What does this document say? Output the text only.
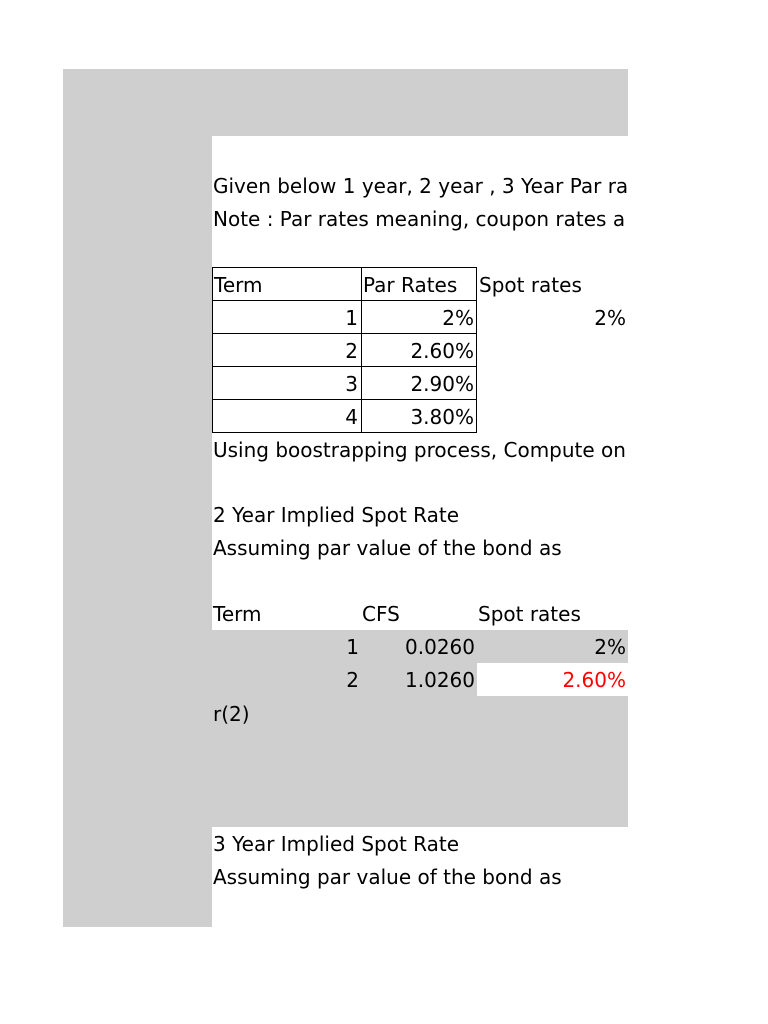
Given below 1 year, 2 year , 3 Year Par ra
Note : Par rates meaning, coupon rates a
Term	Par Rates Spot rates
1	2%	2%
2	2.60%
3	2.90%
4	3.80%
Using boostrapping process, Compute on
2 Year Implied Spot Rate
Assuming par value of the bond as
Term	CFS	Spot rates
1	0.0260	2%
2	1.0260	2.60%
r(2)
3 Year Implied Spot Rate
Assuming par value of the bond as
